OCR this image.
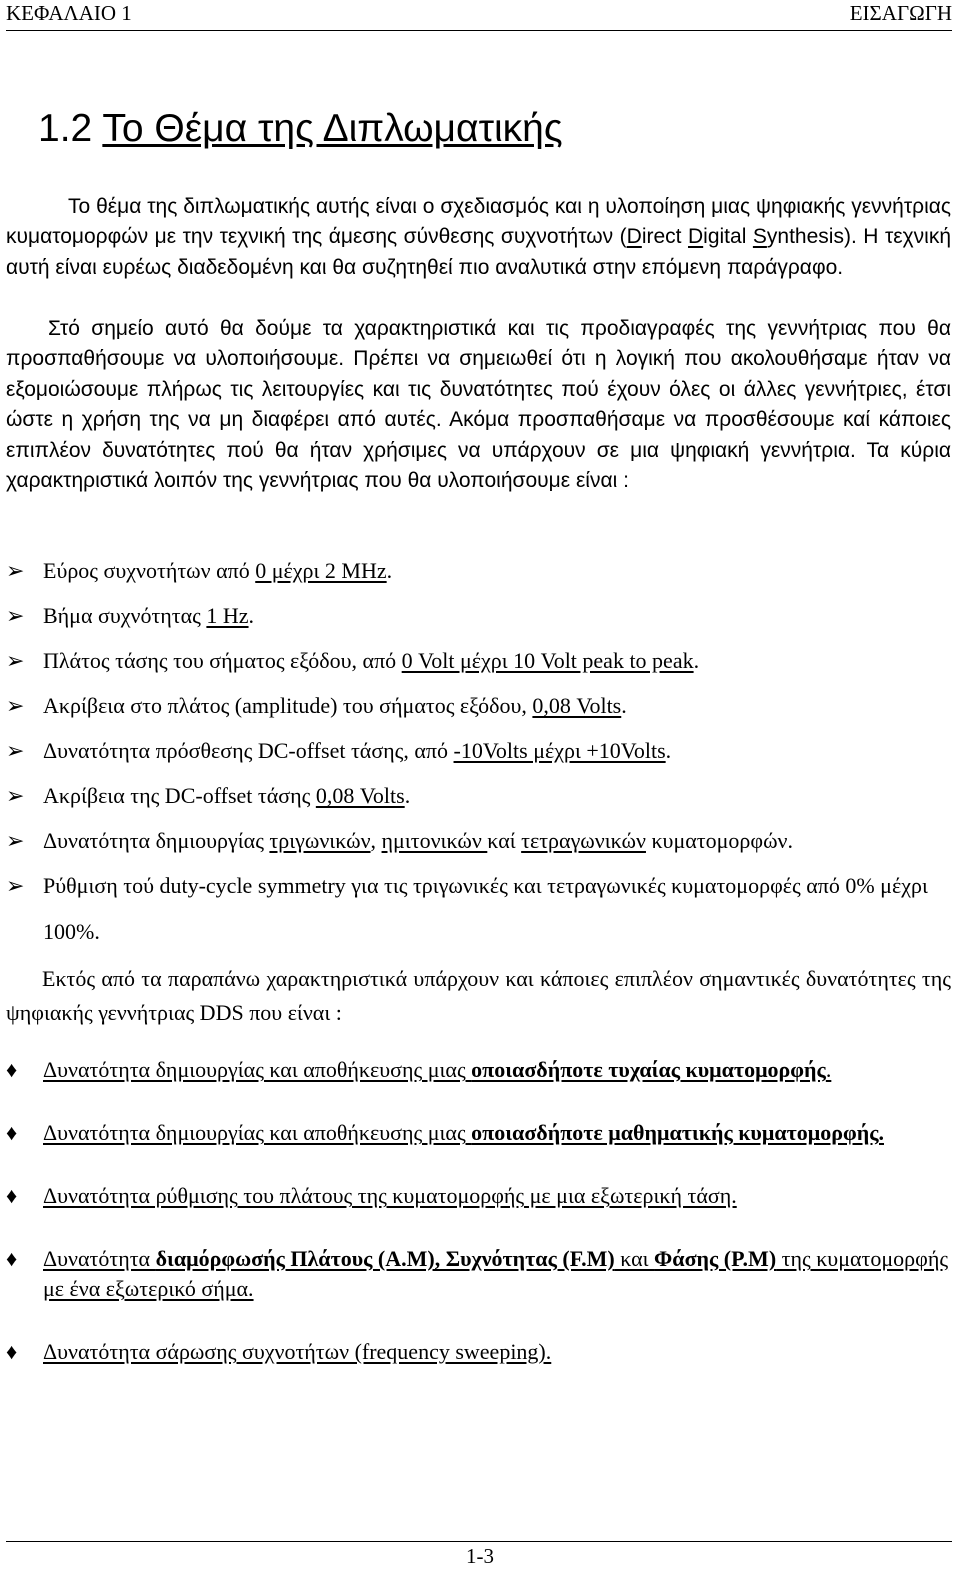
ΚΕΦΑΛΑΙΟ 1	ΕΙΣΑΓΩΓΗ
1.2 Το Θέμα της Διπλωματικής

Το θέμα της διπλωματικής αυτής είναι ο σχεδιασμός και η υλοποίηση μιας ψηφιακής γεννήτριας κυματομορφών με την τεχνική της άμεσης σύνθεσης συχνοτήτων (Direct Digital Synthesis). Η τεχνική αυτή είναι ευρέως διαδεδομένη και θα συζητηθεί πιο αναλυτικά στην επόμενη παράγραφο.

Στό σημείο αυτό θα δούμε τα χαρακτηριστικά και τις προδιαγραφές της γεννήτριας που θα προσπαθήσουμε να υλοποιήσουμε. Πρέπει να σημειωθεί ότι η λογική που ακολουθήσαμε ήταν να εξομοιώσουμε πλήρως τις λειτουργίες και τις δυνατότητες πού έχουν όλες οι άλλες γεννήτριες, έτσι ώστε η χρήση της να μη διαφέρει από αυτές. Ακόμα προσπαθήσαμε να προσθέσουμε καί κάποιες επιπλέον δυνατότητες πού θα ήταν χρήσιμες να υπάρχουν σε μια ψηφιακή γεννήτρια. Τα κύρια χαρακτηριστικά λοιπόν της γεννήτριας που θα υλοποιήσουμε είναι :

➢ Εύρος συχνοτήτων από 0 μέχρι 2 MHz.
➢ Βήμα συχνότητας 1 Hz.
➢ Πλάτος τάσης του σήματος εξόδου, από 0 Volt μέχρι 10 Volt peak to peak.
➢ Ακρίβεια στο πλάτος (amplitude) του σήματος εξόδου, 0,08 Volts.
➢ Δυνατότητα πρόσθεσης DC-offset τάσης, από -10Volts μέχρι +10Volts.
➢ Ακρίβεια της DC-offset τάσης 0,08 Volts.
➢ Δυνατότητα δημιουργίας τριγωνικών, ημιτονικών καί τετραγωνικών κυματομορφών.
➢ Ρύθμιση τού duty-cycle symmetry για τις τριγωνικές και τετραγωνικές κυματομορφές από 0% μέχρι 100%.

Εκτός από τα παραπάνω χαρακτηριστικά υπάρχουν και κάποιες επιπλέον σημαντικές δυνατότητες της ψηφιακής γεννήτριας DDS που είναι :

♦ Δυνατότητα δημιουργίας και αποθήκευσης μιας οποιασδήποτε τυχαίας κυματομορφής.
♦ Δυνατότητα δημιουργίας και αποθήκευσης μιας οποιασδήποτε μαθηματικής κυματομορφής.
♦ Δυνατότητα ρύθμισης του πλάτους της κυματομορφής με μια εξωτερική τάση.
♦ Δυνατότητα διαμόρφωσής Πλάτους (A.M), Συχνότητας (F.M) και Φάσης (P.M) της κυματομορφής με ένα εξωτερικό σήμα.
♦ Δυνατότητα σάρωσης συχνοτήτων (frequency sweeping).
1-3
